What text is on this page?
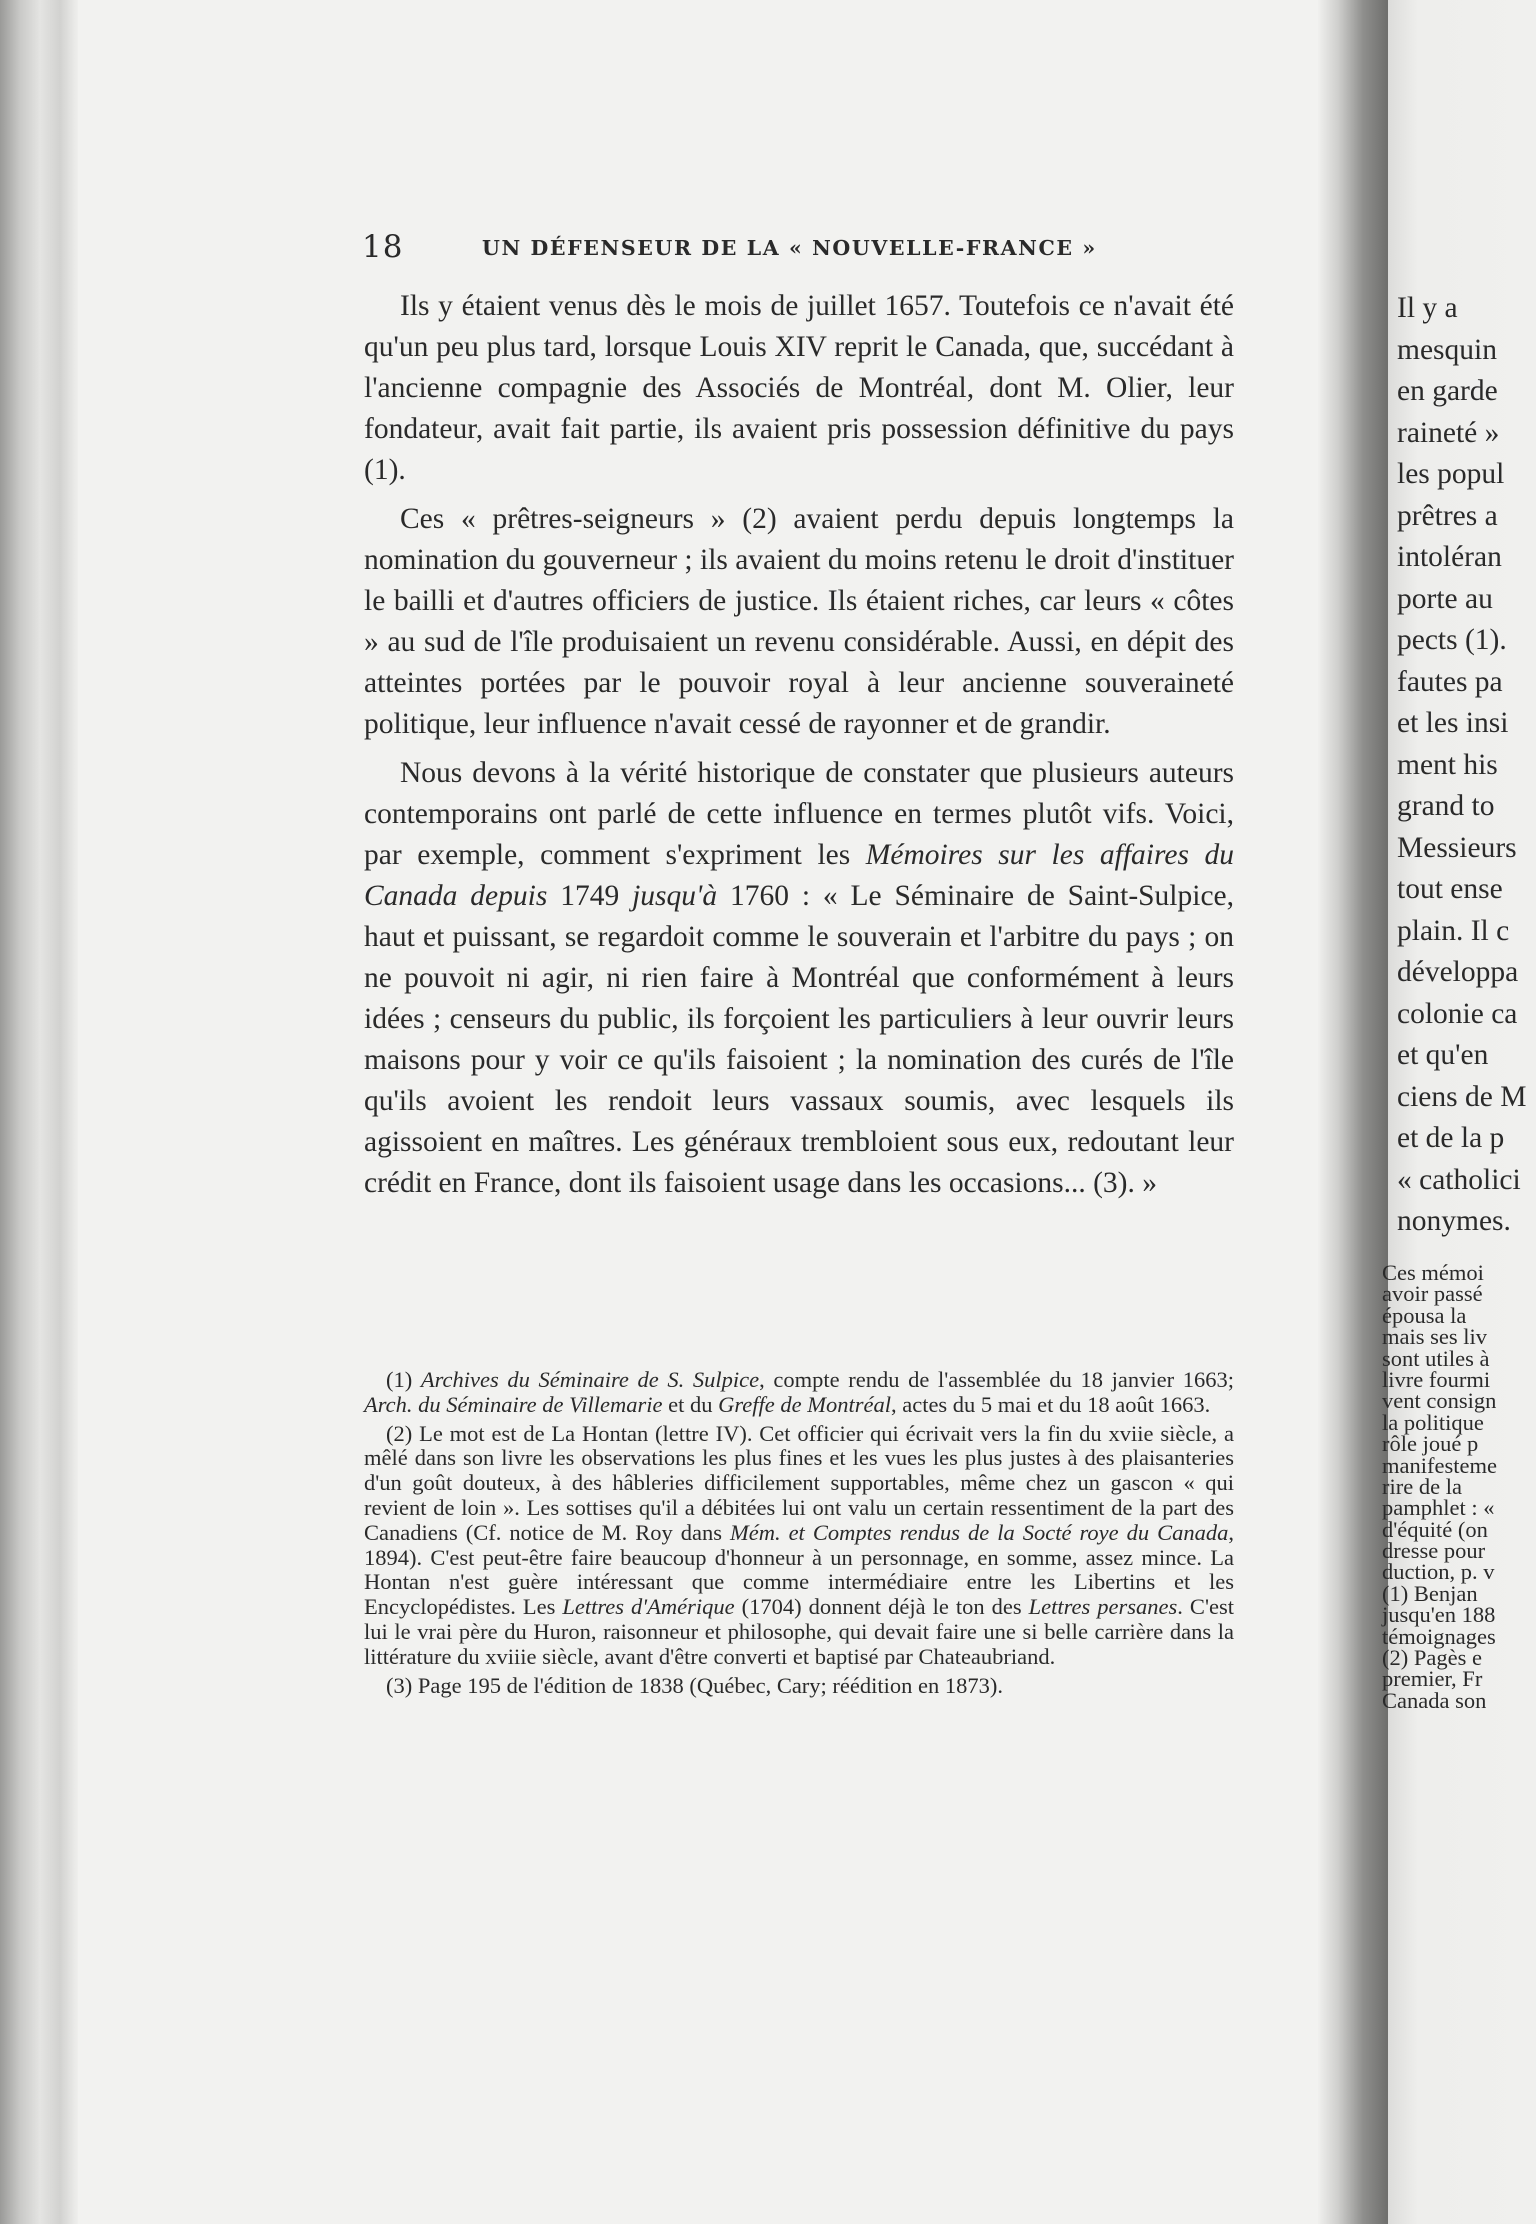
18	UN DÉFENSEUR DE LA « NOUVELLE-FRANCE »

Ils y étaient venus dès le mois de juillet 1657. Toutefois ce n'avait été qu'un peu plus tard, lorsque Louis XIV reprit le Canada, que, succédant à l'ancienne compagnie des Associés de Montréal, dont M. Olier, leur fondateur, avait fait partie, ils avaient pris possession définitive du pays (1).

Ces « prêtres-seigneurs » (2) avaient perdu depuis longtemps la nomination du gouverneur ; ils avaient du moins retenu le droit d'instituer le bailli et d'autres officiers de justice. Ils étaient riches, car leurs « côtes » au sud de l'île produisaient un revenu considérable. Aussi, en dépit des atteintes portées par le pouvoir royal à leur ancienne souveraineté politique, leur influence n'avait cessé de rayonner et de grandir.

Nous devons à la vérité historique de constater que plusieurs auteurs contemporains ont parlé de cette influence en termes plutôt vifs. Voici, par exemple, comment s'expriment les Mémoires sur les affaires du Canada depuis 1749 jusqu'à 1760 : « Le Séminaire de Saint-Sulpice, haut et puissant, se regardoit comme le souverain et l'arbitre du pays ; on ne pouvoit ni agir, ni rien faire à Montréal que conformément à leurs idées ; censeurs du public, ils forçoient les particuliers à leur ouvrir leurs maisons pour y voir ce qu'ils faisoient ; la nomination des curés de l'île qu'ils avoient les rendoit leurs vassaux soumis, avec lesquels ils agissoient en maîtres. Les généraux trembloient sous eux, redoutant leur crédit en France, dont ils faisoient usage dans les occasions... (3). »

(1) Archives du Séminaire de S. Sulpice, compte rendu de l'assemblée du 18 janvier 1663; Arch. du Séminaire de Villemarie et du Greffe de Montréal, actes du 5 mai et du 18 août 1663.

(2) Le mot est de La Hontan (lettre IV). Cet officier qui écrivait vers la fin du xviie siècle, a mêlé dans son livre les observations les plus fines et les vues les plus justes à des plaisanteries d'un goût douteux, à des hâbleries difficilement supportables, même chez un gascon « qui revient de loin ». Les sottises qu'il a débitées lui ont valu un certain ressentiment de la part des Canadiens (Cf. notice de M. Roy dans Mém. et Comptes rendus de la Socté roye du Canada, 1894). C'est peut-être faire beaucoup d'honneur à un personnage, en somme, assez mince. La Hontan n'est guère intéressant que comme intermédiaire entre les Libertins et les Encyclopédistes. Les Lettres d'Amérique (1704) donnent déjà le ton des Lettres persanes. C'est lui le vrai père du Huron, raisonneur et philosophe, qui devait faire une si belle carrière dans la littérature du xviiie siècle, avant d'être converti et baptisé par Chateaubriand.

(3) Page 195 de l'édition de 1838 (Québec, Cary; réédition en 1873).

Il y a
mesquin
en garde
raineté »
les popul
prêtres a
intoléran
porte au
pects (1).
fautes pa
et les insi
ment his
grand to
Messieurs
tout ense
plain. Il c
développa
colonie ca
et qu'en
ciens de M
et de la p
« catholici
nonymes.
Ces mémoi
avoir passé
épousa la
mais ses liv
sont utiles à
livre fourmi
vent consign
la politique
rôle joué p
manifesteme
rire de la
pamphlet : «
d'équité (on
dresse pour
duction, p. v
(1) Benjan
jusqu'en 188
témoignages
(2) Pagès e
premier, Fr
Canada son
